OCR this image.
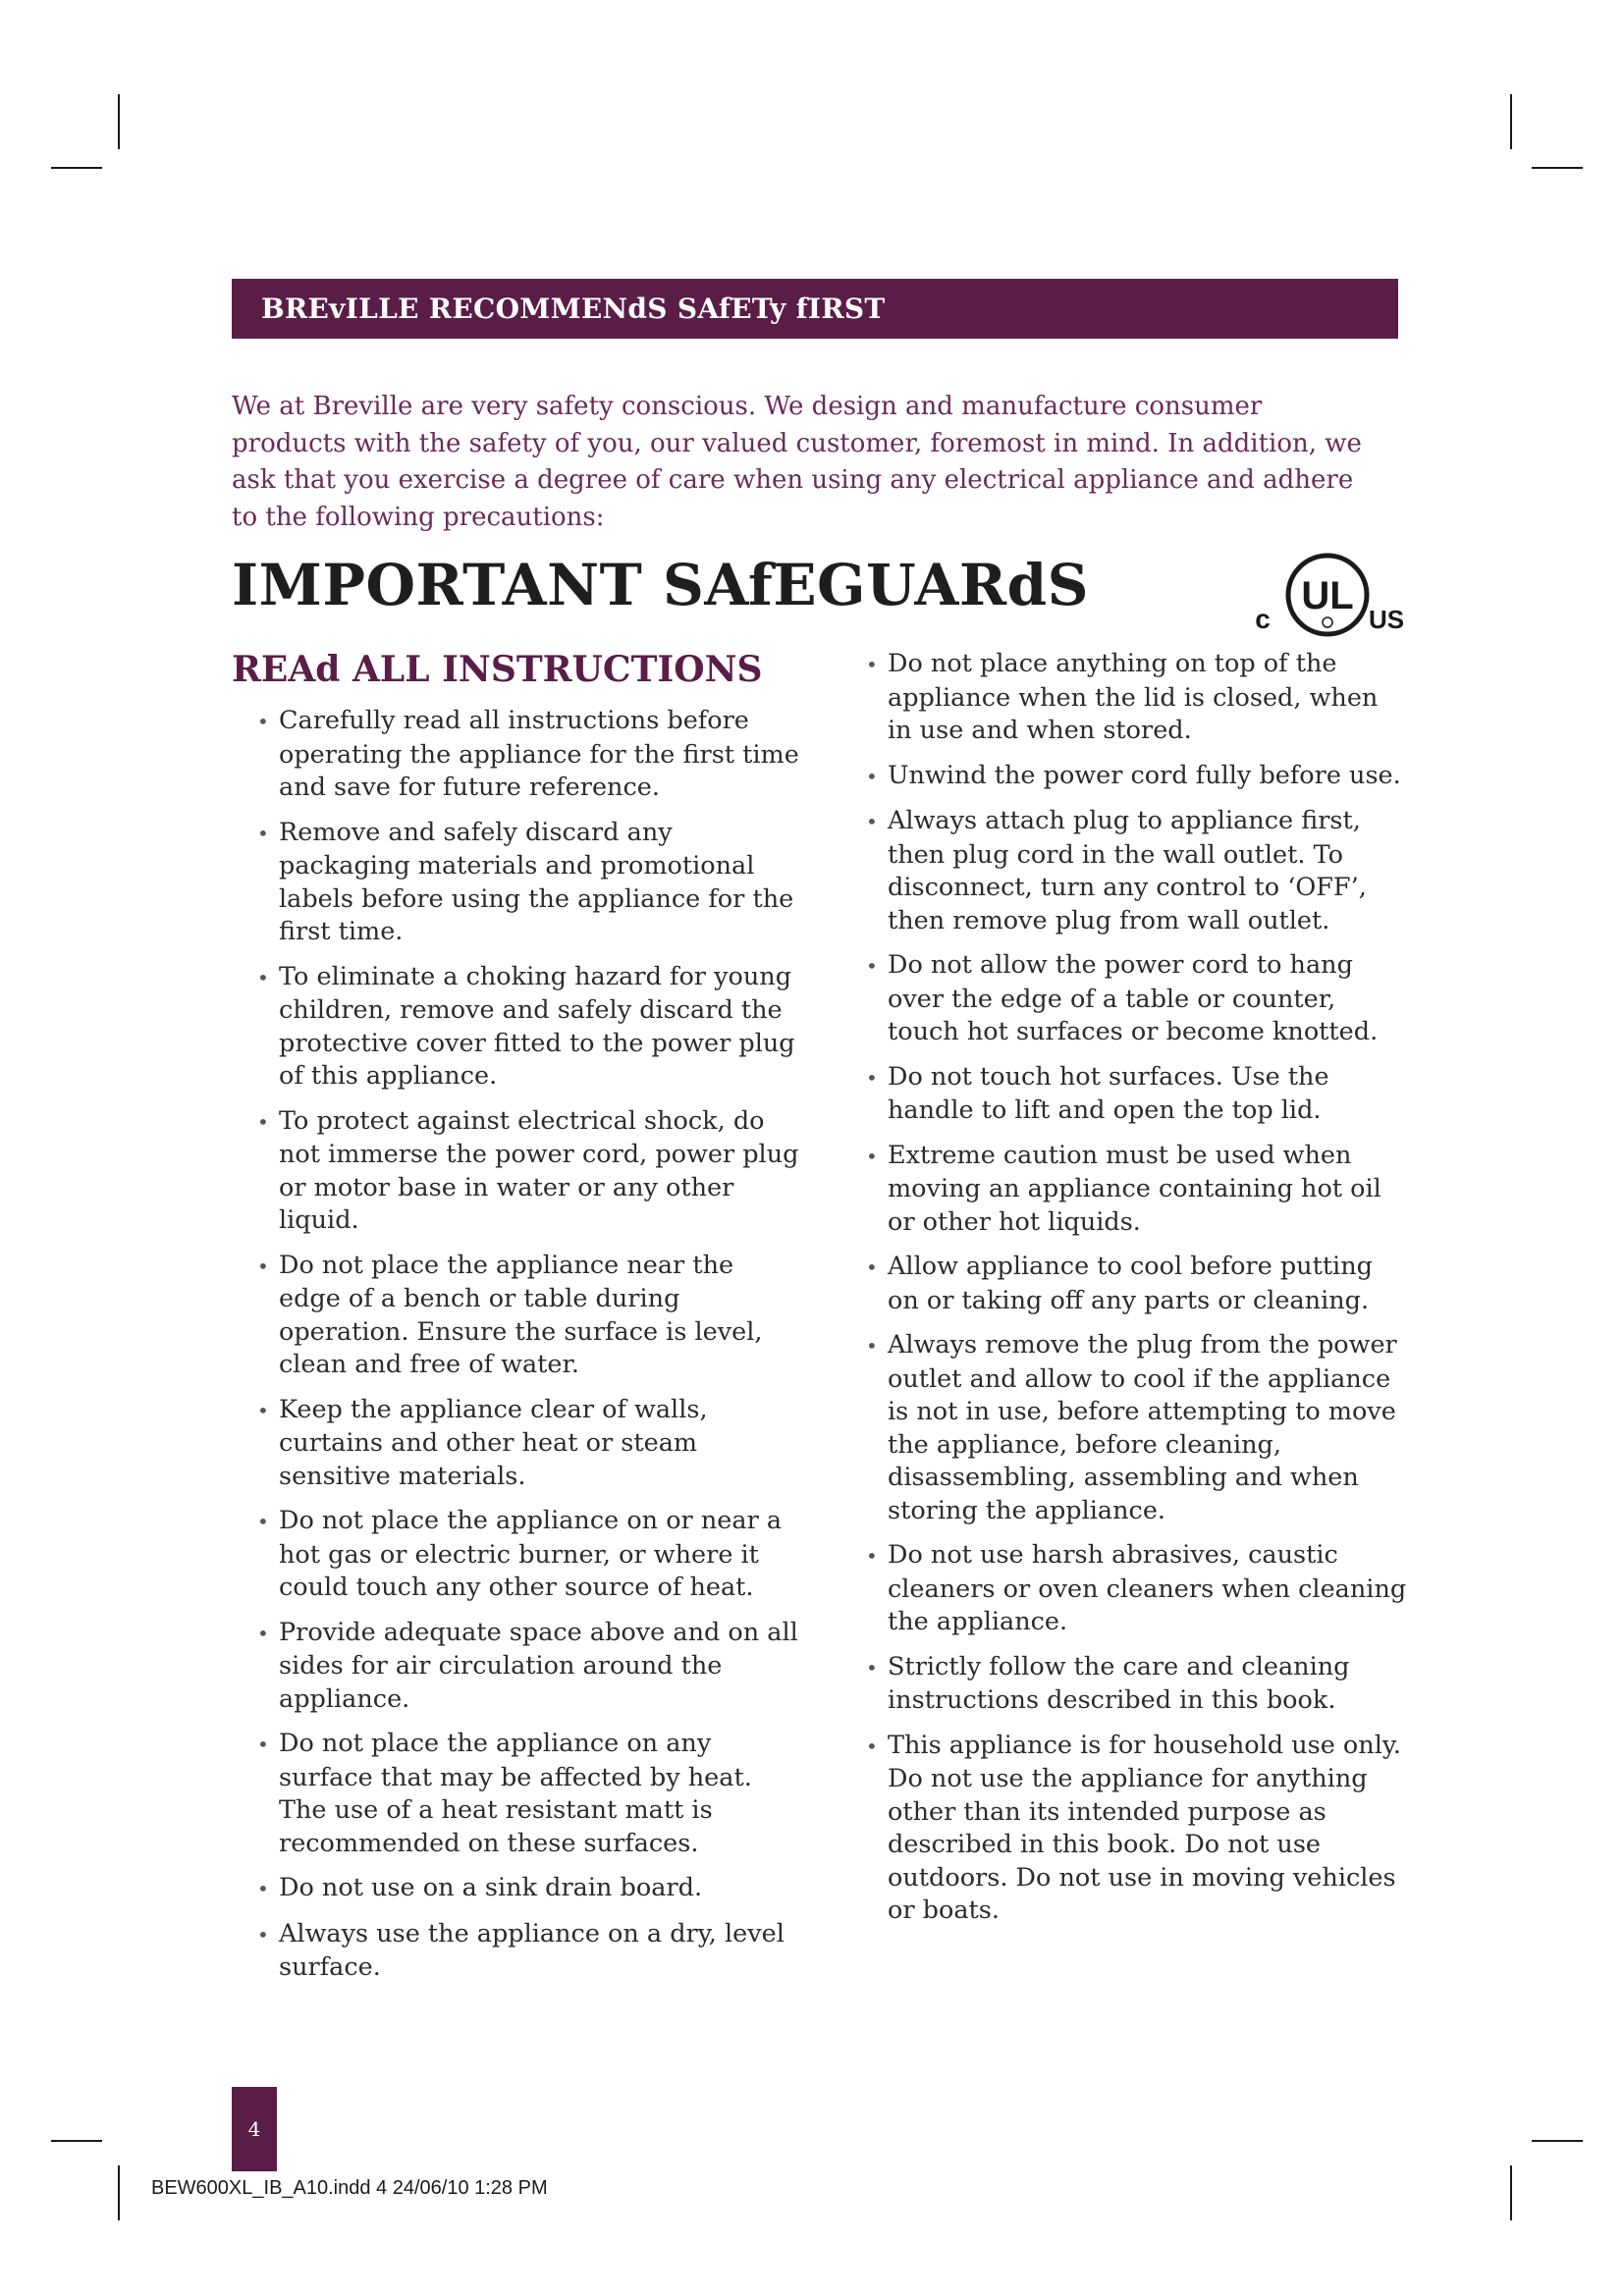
BREvILLE RECOMMENdS SAfETy fIRST
We at Breville are very safety conscious. We design and manufacture consumer products with the safety of you, our valued customer, foremost in mind. In addition, we ask that you exercise a degree of care when using any electrical appliance and adhere to the following precautions:
IMPORTANT SAfEGUARdS	UL
c	US
REAd ALL INSTRUCTIONS
• Carefully read all instructions before operating the appliance for the first time and save for future reference.
• Remove and safely discard any packaging materials and promotional labels before using the appliance for the first time.
• To eliminate a choking hazard for young children, remove and safely discard the protective cover fitted to the power plug of this appliance.
• To protect against electrical shock, do not immerse the power cord, power plug or motor base in water or any other liquid.
• Do not place the appliance near the edge of a bench or table during operation. Ensure the surface is level, clean and free of water.
• Keep the appliance clear of walls, curtains and other heat or steam sensitive materials.
• Do not place the appliance on or near a hot gas or electric burner, or where it could touch any other source of heat.
• Provide adequate space above and on all sides for air circulation around the appliance.
• Do not place the appliance on any surface that may be affected by heat. The use of a heat resistant matt is recommended on these surfaces.
• Do not use on a sink drain board.
• Always use the appliance on a dry, level surface.
• Do not place anything on top of the appliance when the lid is closed, when in use and when stored.
• Unwind the power cord fully before use.
• Always attach plug to appliance first, then plug cord in the wall outlet. To disconnect, turn any control to ‘OFF’, then remove plug from wall outlet.
• Do not allow the power cord to hang over the edge of a table or counter, touch hot surfaces or become knotted.
• Do not touch hot surfaces. Use the handle to lift and open the top lid.
• Extreme caution must be used when moving an appliance containing hot oil or other hot liquids.
• Allow appliance to cool before putting on or taking off any parts or cleaning.
• Always remove the plug from the power outlet and allow to cool if the appliance is not in use, before attempting to move the appliance, before cleaning, disassembling, assembling and when storing the appliance.
• Do not use harsh abrasives, caustic cleaners or oven cleaners when cleaning the appliance.
• Strictly follow the care and cleaning instructions described in this book.
• This appliance is for household use only. Do not use the appliance for anything other than its intended purpose as described in this book. Do not use outdoors. Do not use in moving vehicles or boats.
4
BEW600XL_IB_A10.indd 4 24/06/10 1:28 PM
